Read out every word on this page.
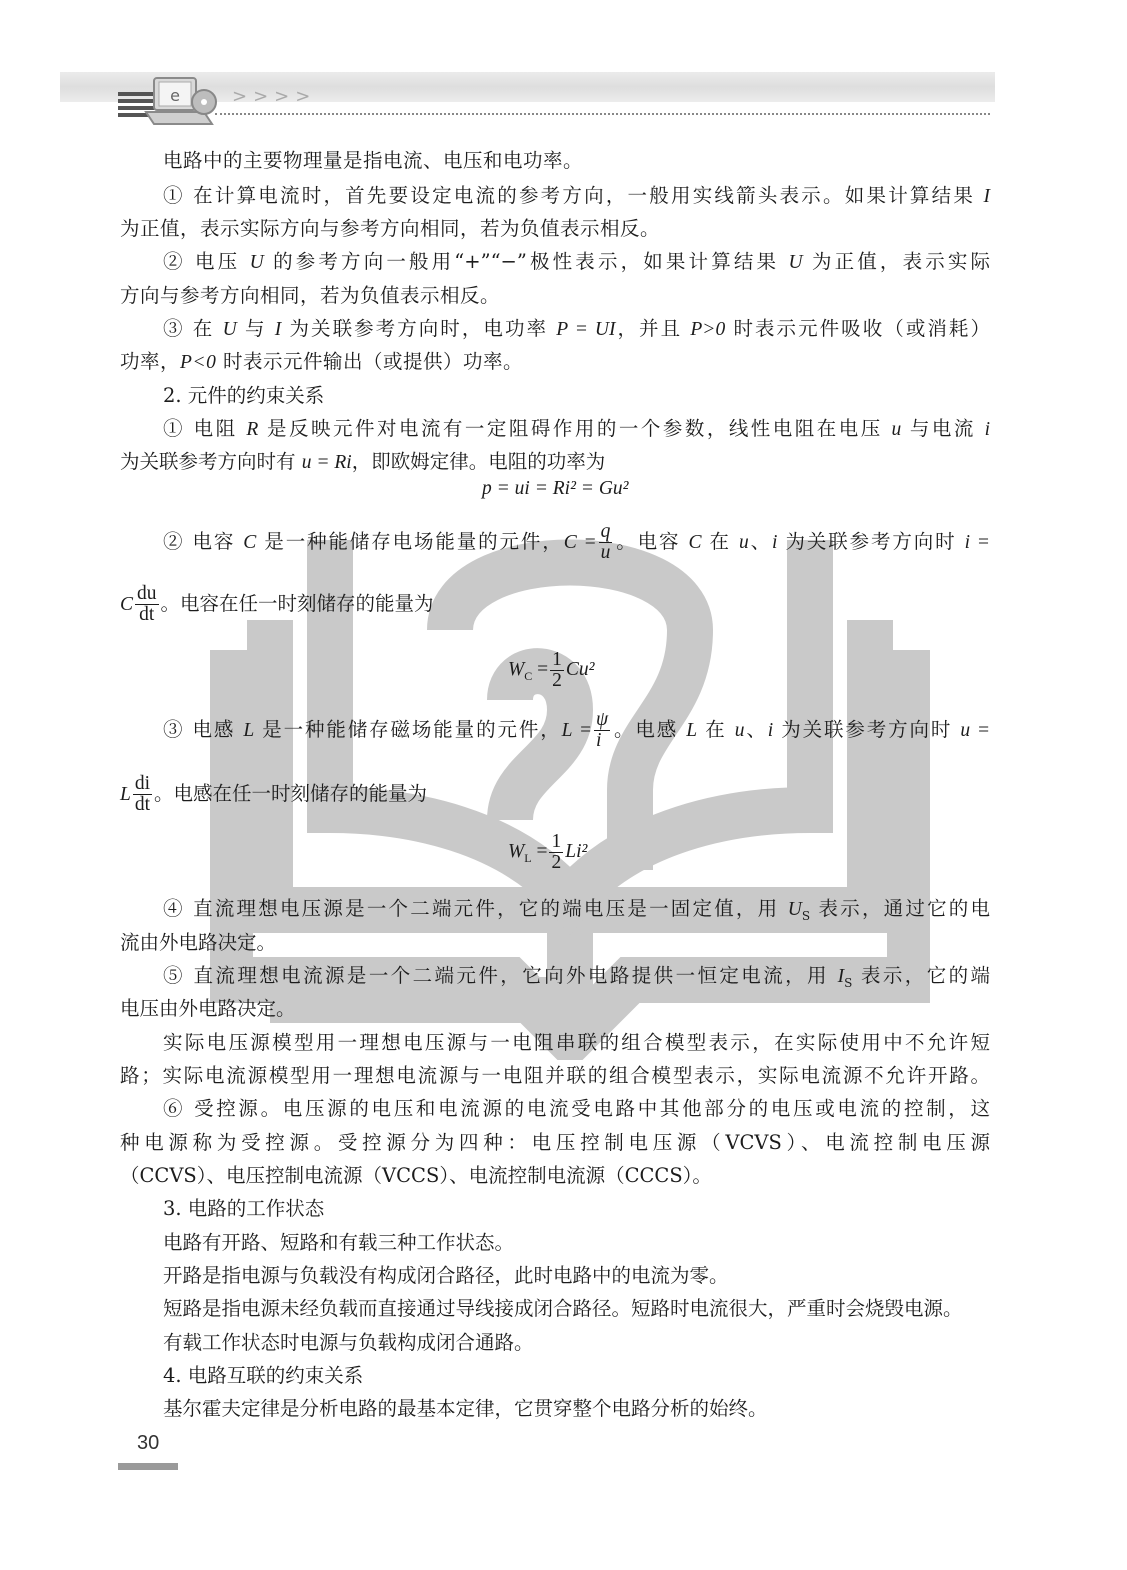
e	>>>>
电路中的主要物理量是指电流、电压和电功率。
① 在计算电流时，首先要设定电流的参考方向，一般用实线箭头表示。如果计算结果 I
为正值，表示实际方向与参考方向相同，若为负值表示相反。
② 电压 U 的参考方向一般用“+”“−”极性表示，如果计算结果 U 为正值，表示实际
方向与参考方向相同，若为负值表示相反。
③ 在 U 与 I 为关联参考方向时，电功率 P = UI，并且 P>0 时表示元件吸收（或消耗）
功率，P<0 时表示元件输出（或提供）功率。
2. 元件的约束关系
① 电阻 R 是反映元件对电流有一定阻碍作用的一个参数，线性电阻在电压 u 与电流 i
为关联参考方向时有 u = Ri，即欧姆定律。电阻的功率为
p = ui = Ri² = Gu²
② 电容 C 是一种能储存电场能量的元件，$C = \frac{q}{u}$ 。电容 C 在 u、i 为关联参考方向时 i =
C $\frac{du}{dt}$ 。电容在任一时刻储存的能量为
$W_C = \frac{1}{2} Cu^2$
③ 电感 L 是一种能储存磁场能量的元件，$L = \frac{\psi}{i}$ 。电感 L 在 u、i 为关联参考方向时 u =
L $\frac{di}{dt}$ 。电感在任一时刻储存的能量为
$W_L = \frac{1}{2} Li^2$
④ 直流理想电压源是一个二端元件，它的端电压是一固定值，用 $U_S$ 表示，通过它的电
流由外电路决定。
⑤ 直流理想电流源是一个二端元件，它向外电路提供一恒定电流，用 $I_S$ 表示，它的端
电压由外电路决定。
实际电压源模型用一理想电压源与一电阻串联的组合模型表示，在实际使用中不允许短
路；实际电流源模型用一理想电流源与一电阻并联的组合模型表示，实际电流源不允许开路。
⑥ 受控源。电压源的电压和电流源的电流受电路中其他部分的电压或电流的控制，这
种电源称为受控源。受控源分为四种：电压控制电压源（VCVS）、电流控制电压源
（CCVS）、电压控制电流源（VCCS）、电流控制电流源（CCCS）。
3. 电路的工作状态
电路有开路、短路和有载三种工作状态。
开路是指电源与负载没有构成闭合路径，此时电路中的电流为零。
短路是指电源未经负载而直接通过导线接成闭合路径。短路时电流很大，严重时会烧毁电源。
有载工作状态时电源与负载构成闭合通路。
4. 电路互联的约束关系
基尔霍夫定律是分析电路的最基本定律，它贯穿整个电路分析的始终。
30
